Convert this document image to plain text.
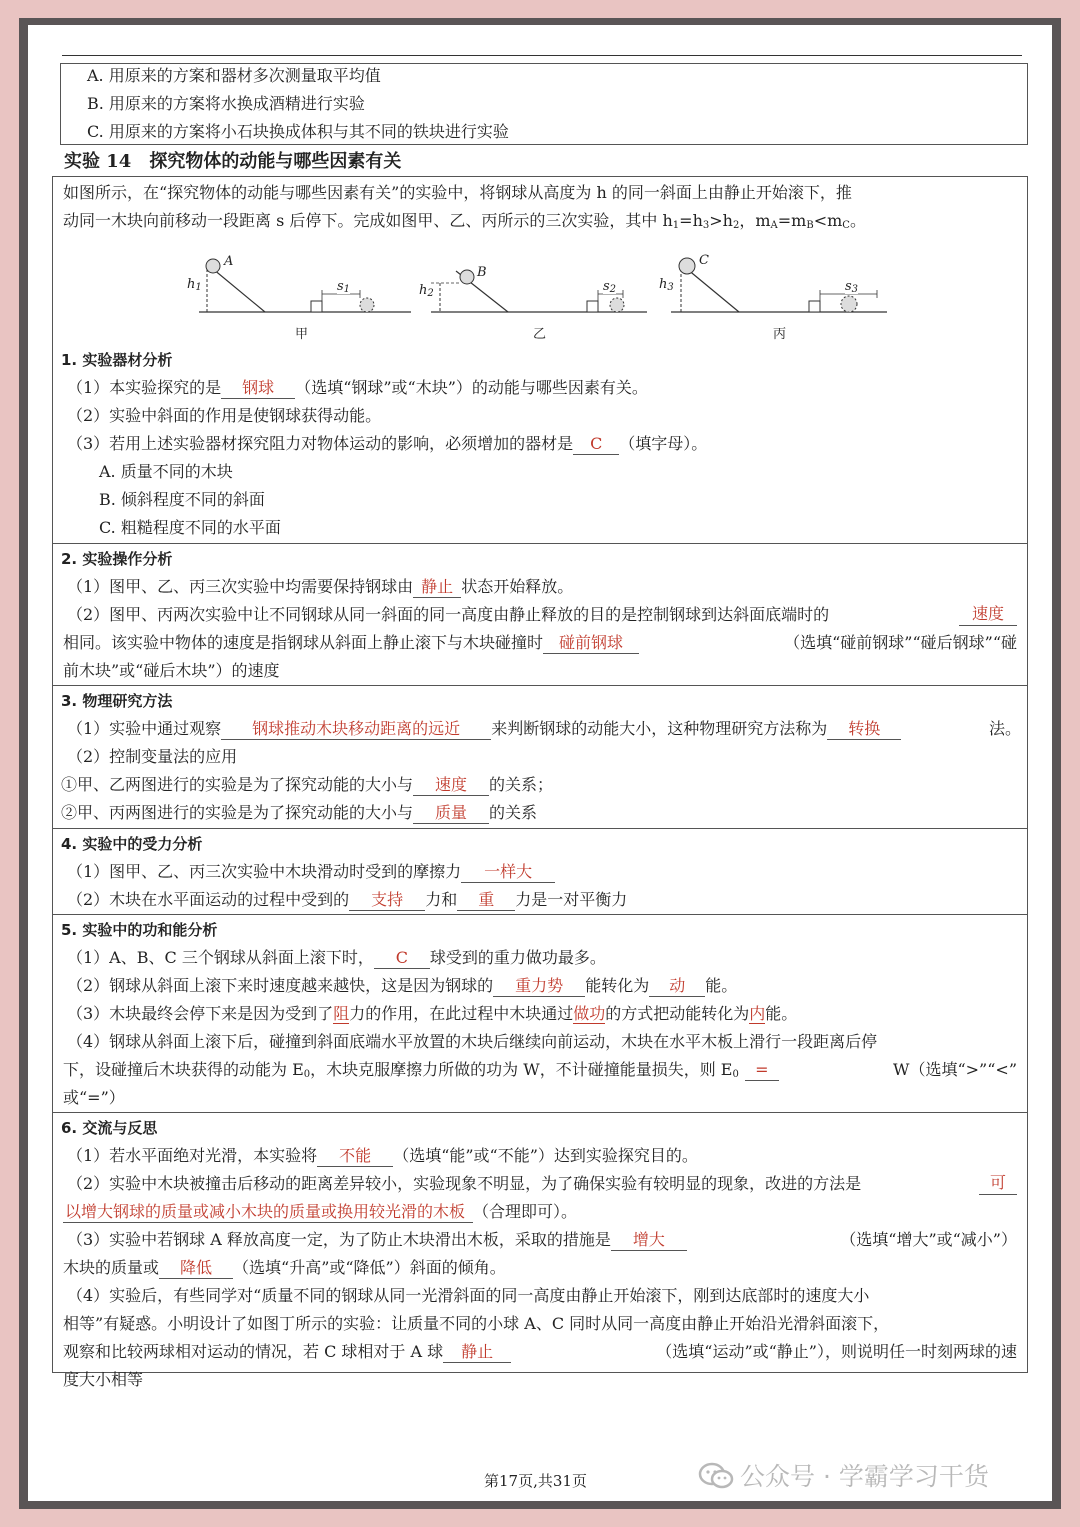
A. 用原来的方案和器材多次测量取平均值
B. 用原来的方案将水换成酒精进行实验
C. 用原来的方案将小石块换成体积与其不同的铁块进行实验
实验 14　探究物体的动能与哪些因素有关
如图所示，在“探究物体的动能与哪些因素有关”的实验中，将钢球从高度为 h 的同一斜面上由静止开始滚下，推
动同一木块向前移动一段距离 s 后停下。完成如图甲、乙、丙所示的三次实验，其中 $h_1=h_3>h_2$，$m_A=m_B<m_C$。
A
$h_1$	$s_1$
甲
B
$h_2$	$s_2$
乙
C
$h_3$	$s_3$
丙
1. 实验器材分析
（1）本实验探究的是 钢球 （选填“钢球”或“木块”）的动能与哪些因素有关。
（2）实验中斜面的作用是使钢球获得动能。
（3）若用上述实验器材探究阻力对物体运动的影响，必须增加的器材是 C （填字母）。
A. 质量不同的木块
B. 倾斜程度不同的斜面
C. 粗糙程度不同的水平面
2. 实验操作分析
（1）图甲、乙、丙三次实验中均需要保持钢球由 静止 状态开始释放。
（2）图甲、丙两次实验中让不同钢球从同一斜面的同一高度由静止释放的目的是控制钢球到达斜面底端时的	速度
相同。该实验中物体的速度是指钢球从斜面上静止滚下与木块碰撞时 碰前钢球	（选填“碰前钢球”“碰后钢球”“碰
前木块”或“碰后木块”）的速度
3. 物理研究方法
（1）实验中通过观察 钢球推动木块移动距离的远近 来判断钢球的动能大小，这种物理研究方法称为 转换	法。
（2）控制变量法的应用
①甲、乙两图进行的实验是为了探究动能的大小与 速度 的关系；
②甲、丙两图进行的实验是为了探究动能的大小与 质量 的关系
4. 实验中的受力分析
（1）图甲、乙、丙三次实验中木块滑动时受到的摩擦力 一样大
（2）木块在水平面运动的过程中受到的 支持 力和 重 力是一对平衡力
5. 实验中的功和能分析
（1）A、B、C 三个钢球从斜面上滚下时， C 球受到的重力做功最多。
（2）钢球从斜面上滚下来时速度越来越快，这是因为钢球的 重力势 能转化为 动 能。
（3）木块最终会停下来是因为受到了阻力的作用，在此过程中木块通过做功的方式把动能转化为内能。
（4）钢球从斜面上滚下后，碰撞到斜面底端水平放置的木块后继续向前运动，木块在水平木板上滑行一段距离后停
下，设碰撞后木块获得的动能为 $E_0$，木块克服摩擦力所做的功为 W，不计碰撞能量损失，则 $E_0$ =	W（选填“>”“<”
或“=”）
6. 交流与反思
（1）若水平面绝对光滑，本实验将 不能 （选填“能”或“不能”）达到实验探究目的。
（2）实验中木块被撞击后移动的距离差异较小，实验现象不明显，为了确保实验有较明显的现象，改进的方法是	可
以增大钢球的质量或减小木块的质量或换用较光滑的木板 （合理即可）。
（3）实验中若钢球 A 释放高度一定，为了防止木块滑出木板，采取的措施是 增大	（选填“增大”或“减小”）
木块的质量或 降低 （选填“升高”或“降低”）斜面的倾角。
（4）实验后，有些同学对“质量不同的钢球从同一光滑斜面的同一高度由静止开始滚下，刚到达底部时的速度大小
相等”有疑惑。小明设计了如图丁所示的实验：让质量不同的小球 A、C 同时从同一高度由静止开始沿光滑斜面滚下，
观察和比较两球相对运动的情况，若 C 球相对于 A 球 静止	（选填“运动”或“静止”），则说明任一时刻两球的速
度大小相等
第17页,共31页	公众号 · 学霸学习干货
